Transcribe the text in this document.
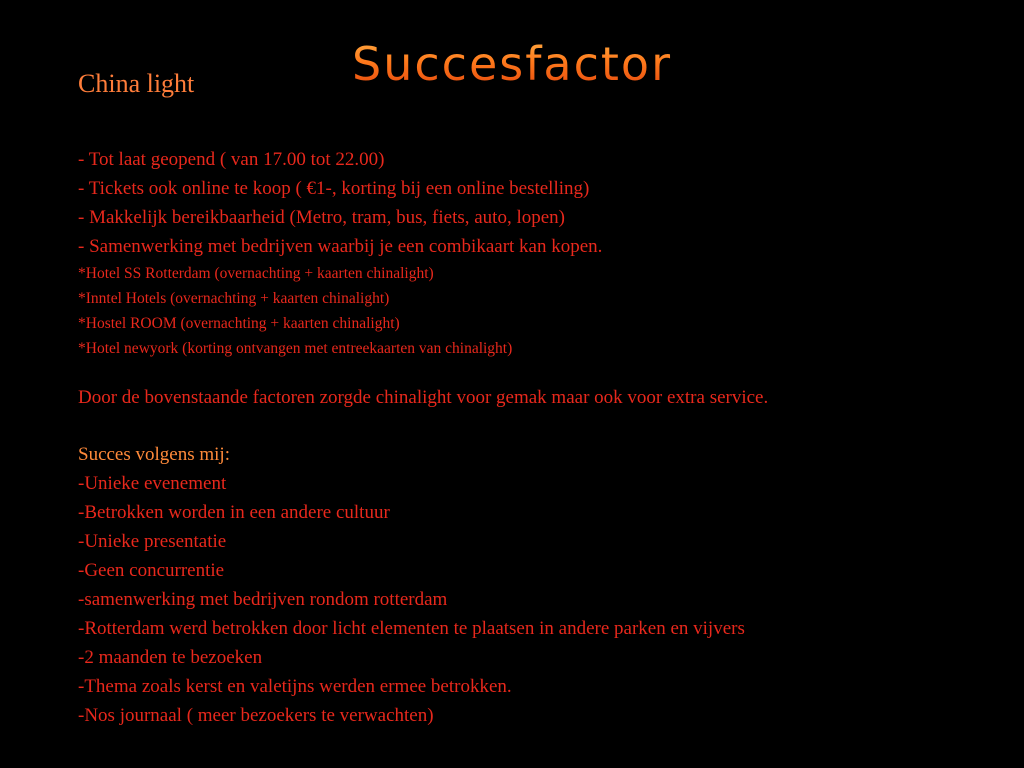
Succesfactor
China light
- Tot laat geopend ( van 17.00 tot 22.00)
- Tickets ook online te koop ( €1-, korting bij een online bestelling)
- Makkelijk bereikbaarheid (Metro, tram, bus, fiets, auto, lopen)
- Samenwerking met bedrijven waarbij je een combikaart kan kopen.
*Hotel SS Rotterdam (overnachting + kaarten chinalight)
*Inntel Hotels (overnachting + kaarten chinalight)
*Hostel ROOM (overnachting + kaarten chinalight)
*Hotel newyork (korting ontvangen met entreekaarten van chinalight)
Door de bovenstaande factoren zorgde chinalight voor gemak maar ook voor extra service.
Succes volgens mij:
-Unieke evenement
-Betrokken worden in een andere cultuur
-Unieke presentatie
-Geen concurrentie
-samenwerking met bedrijven rondom rotterdam
-Rotterdam werd betrokken door licht elementen te plaatsen in andere parken en vijvers
-2 maanden te bezoeken
-Thema zoals kerst en valetijns werden ermee betrokken.
-Nos journaal ( meer bezoekers te verwachten)
